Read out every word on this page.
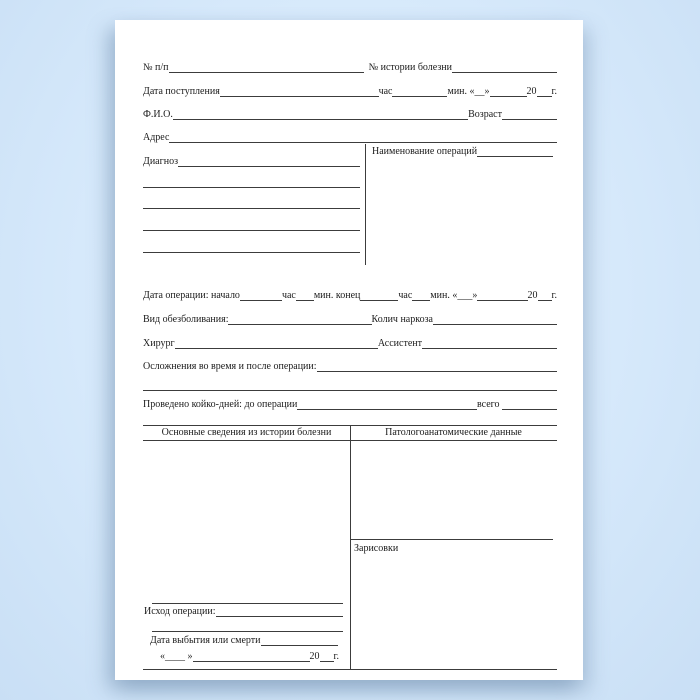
№ п/п	№ истории болезни
Дата поступления	час	мин. «__»	20 г.
Ф.И.О.	Возраст
Адрес
Диагноз
Наименование операций
Дата операции: начало	час мин. конец	час мин. «___»	20 г.
Вид обезболивания:	Колич наркоза
Хирург	Ассистент
Осложнения во время и после операции:
Проведено койко-дней: до операции	всего
Основные сведения из истории болезни	Патологоанатомические данные
Зарисовки
Исход операции:
Дата выбытия или смерти
«____ »	20 г.
